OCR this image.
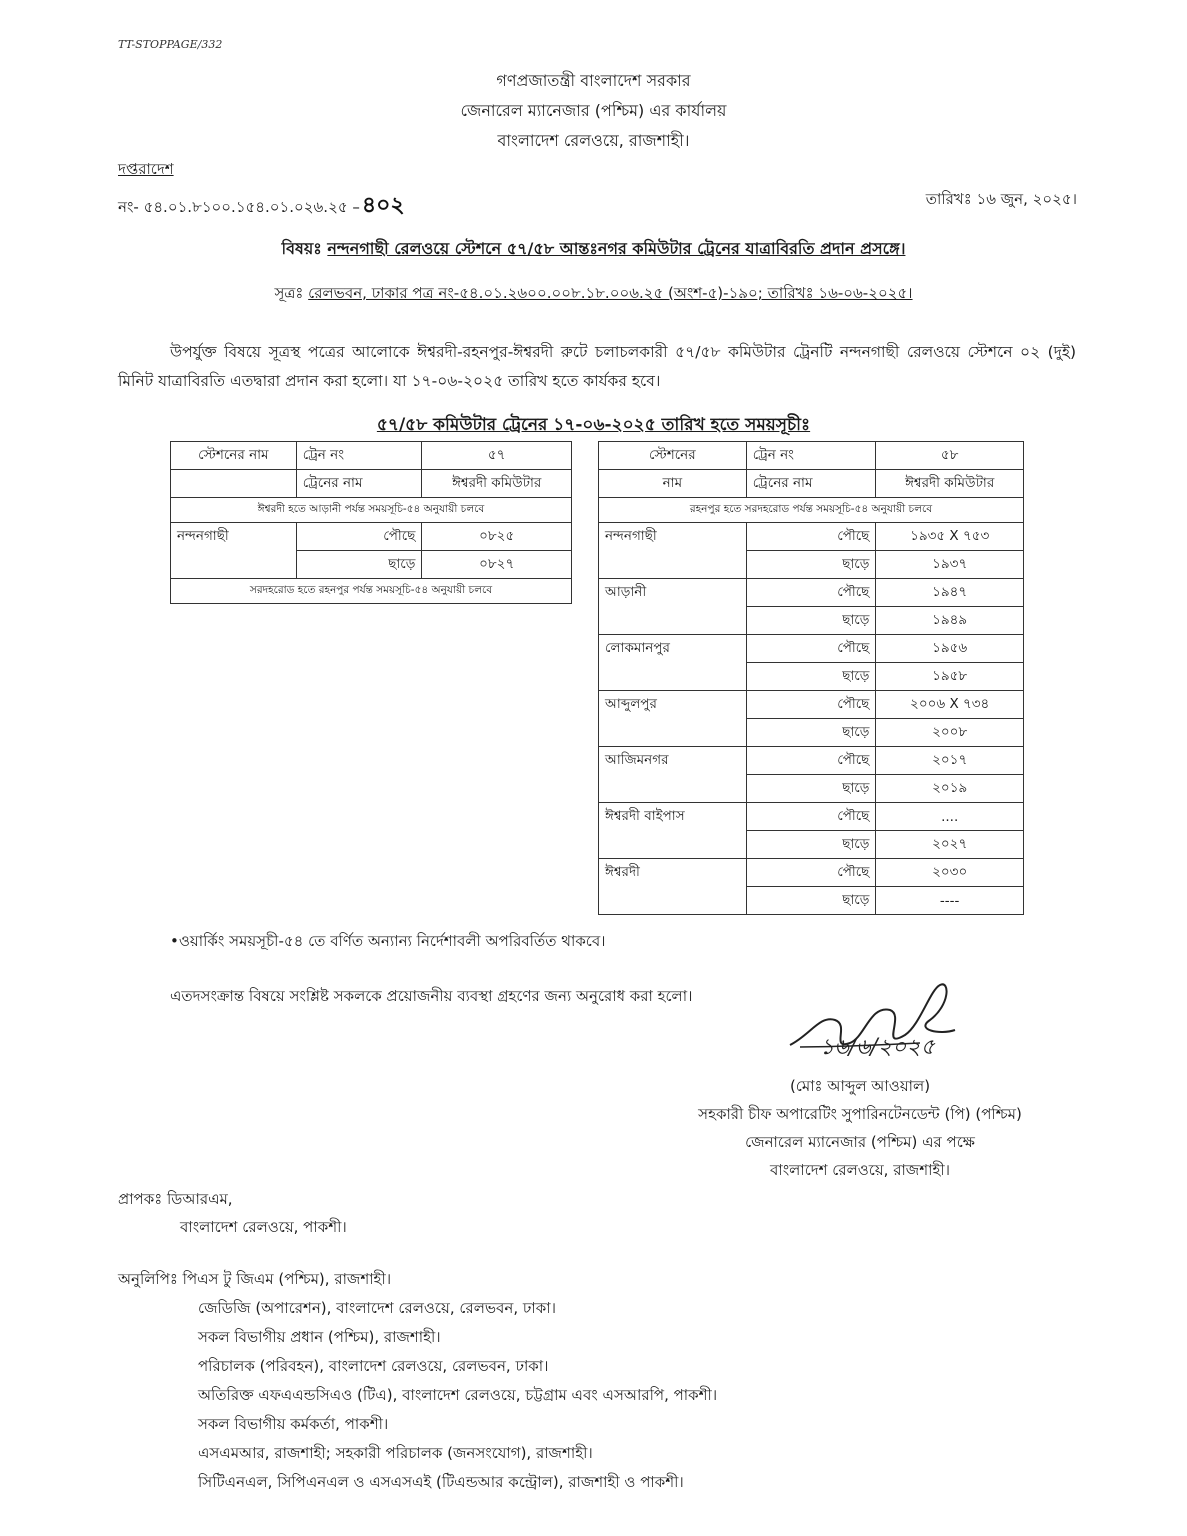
TT-STOPPAGE/332
গণপ্রজাতন্ত্রী বাংলাদেশ সরকার
জেনারেল ম্যানেজার (পশ্চিম) এর কার্যালয়
বাংলাদেশ রেলওয়ে, রাজশাহী।
দপ্তরাদেশ
নং- ৫৪.০১.৮১০০.১৫৪.০১.০২৬.২৫ –৪০২	তারিখঃ ১৬ জুন, ২০২৫।
বিষয়ঃ নন্দনগাছী রেলওয়ে স্টেশনে ৫৭/৫৮ আন্তঃনগর কমিউটার ট্রেনের যাত্রাবিরতি প্রদান প্রসঙ্গে।
সূত্রঃ রেলভবন, ঢাকার পত্র নং-৫৪.০১.২৬০০.০০৮.১৮.০০৬.২৫ (অংশ-৫)-১৯০; তারিখঃ ১৬-০৬-২০২৫।
উপর্যুক্ত বিষয়ে সূত্রস্থ পত্রের আলোকে ঈশ্বরদী-রহনপুর-ঈশ্বরদী রুটে চলাচলকারী ৫৭/৫৮ কমিউটার ট্রেনটি নন্দনগাছী রেলওয়ে স্টেশনে ০২ (দুই) মিনিট যাত্রাবিরতি এতদ্বারা প্রদান করা হলো। যা ১৭-০৬-২০২৫ তারিখ হতে কার্যকর হবে।
৫৭/৫৮ কমিউটার ট্রেনের ১৭-০৬-২০২৫ তারিখ হতে সময়সূচীঃ
স্টেশনের নাম	ট্রেন নং	৫৭
	ট্রেনের নাম	ঈশ্বরদী কমিউটার
ঈশ্বরদী হতে আড়ানী পর্যন্ত সময়সূচি-৫৪ অনুযায়ী চলবে		
নন্দনগাছী	পৌছে	০৮২৫
	ছাড়ে	০৮২৭
সরদহরোড হতে রহনপুর পর্যন্ত সময়সূচি-৫৪ অনুযায়ী চলবে		
স্টেশনের	ট্রেন নং	৫৮
নাম	ট্রেনের নাম	ঈশ্বরদী কমিউটার
রহনপুর হতে সরদহরোড পর্যন্ত সময়সূচি-৫৪ অনুযায়ী চলবে		
নন্দনগাছী	পৌছে	১৯৩৫ X ৭৫৩
	ছাড়ে	১৯৩৭
আড়ানী	পৌছে	১৯৪৭
	ছাড়ে	১৯৪৯
লোকমানপুর	পৌছে	১৯৫৬
	ছাড়ে	১৯৫৮
আব্দুলপুর	পৌছে	২০০৬ X ৭৩৪
	ছাড়ে	২০০৮
আজিমনগর	পৌছে	২০১৭
	ছাড়ে	২০১৯
ঈশ্বরদী বাইপাস	পৌছে	....
	ছাড়ে	২০২৭
ঈশ্বরদী	পৌছে	২০৩০
	ছাড়ে	----
•ওয়ার্কিং সময়সূচী-৫৪ তে বর্ণিত অন্যান্য নির্দেশাবলী অপরিবর্তিত থাকবে।
এতদসংক্রান্ত বিষয়ে সংশ্লিষ্ট সকলকে প্রয়োজনীয় ব্যবস্থা গ্রহণের জন্য অনুরোধ করা হলো।
১৬/৬/২০২৫
(মোঃ আব্দুল আওয়াল)
সহকারী চীফ অপারেটিং সুপারিনটেনডেন্ট (পি) (পশ্চিম)
জেনারেল ম্যানেজার (পশ্চিম) এর পক্ষে
বাংলাদেশ রেলওয়ে, রাজশাহী।
প্রাপকঃ ডিআরএম,
বাংলাদেশ রেলওয়ে, পাকশী।
অনুলিপিঃ পিএস টু জিএম (পশ্চিম), রাজশাহী।
জেডিজি (অপারেশন), বাংলাদেশ রেলওয়ে, রেলভবন, ঢাকা।
সকল বিভাগীয় প্রধান (পশ্চিম), রাজশাহী।
পরিচালক (পরিবহন), বাংলাদেশ রেলওয়ে, রেলভবন, ঢাকা।
অতিরিক্ত এফএএন্ডসিএও (টিএ), বাংলাদেশ রেলওয়ে, চট্টগ্রাম এবং এসআরপি, পাকশী।
সকল বিভাগীয় কর্মকর্তা, পাকশী।
এসএমআর, রাজশাহী; সহকারী পরিচালক (জনসংযোগ), রাজশাহী।
সিটিএনএল, সিপিএনএল ও এসএসএই (টিএন্ডআর কন্ট্রোল), রাজশাহী ও পাকশী।
